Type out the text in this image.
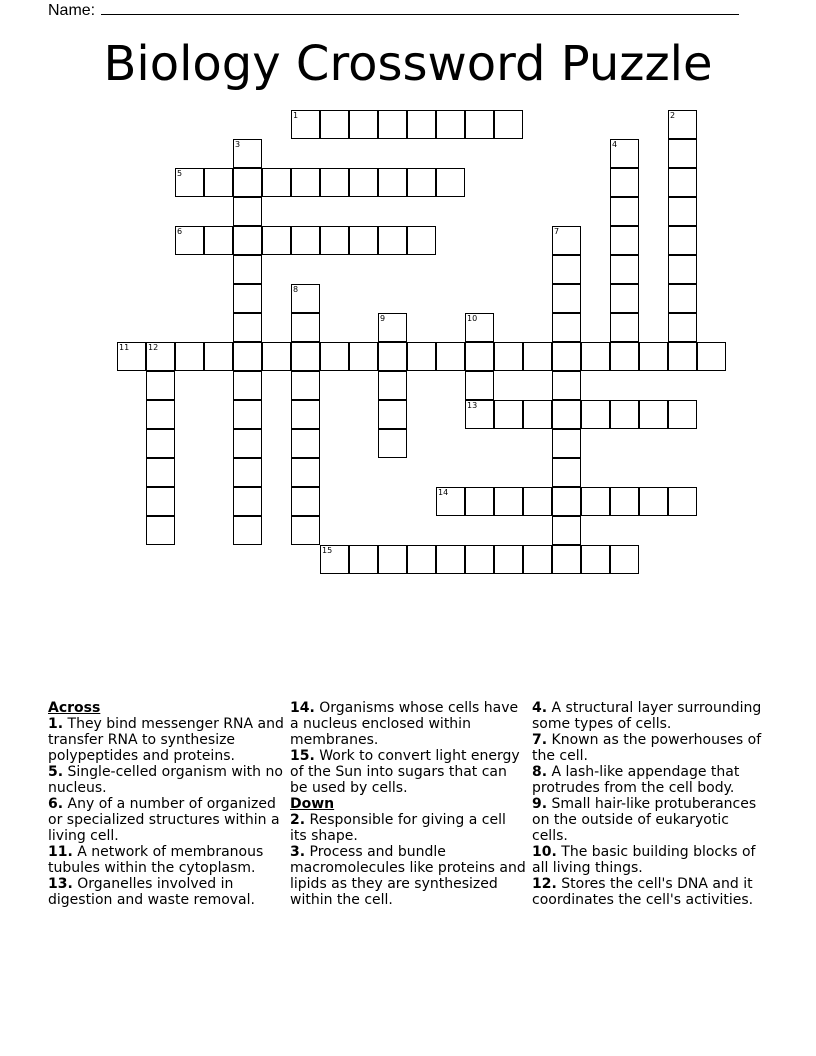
Name:
Biology Crossword Puzzle
1
5
6
11 12
13
14
15
2
3	4
7
8
9	10

Across

1. They bind messenger RNA and transfer RNA to synthesize polypeptides and proteins.

5. Single-celled organism with no nucleus.

6. Any of a number of organized or specialized structures within a living cell.

11. A network of membranous tubules within the cytoplasm.

13. Organelles involved in digestion and waste removal.

14. Organisms whose cells have a nucleus enclosed within membranes.

15. Work to convert light energy of the Sun into sugars that can be used by cells.

Down

2. Responsible for giving a cell its shape.

3. Process and bundle macromolecules like proteins and lipids as they are synthesized within the cell.

4. A structural layer surrounding some types of cells.

7. Known as the powerhouses of the cell.

8. A lash-like appendage that protrudes from the cell body.

9. Small hair-like protuberances on the outside of eukaryotic cells.

10. The basic building blocks of all living things.

12. Stores the cell's DNA and it coordinates the cell's activities.
